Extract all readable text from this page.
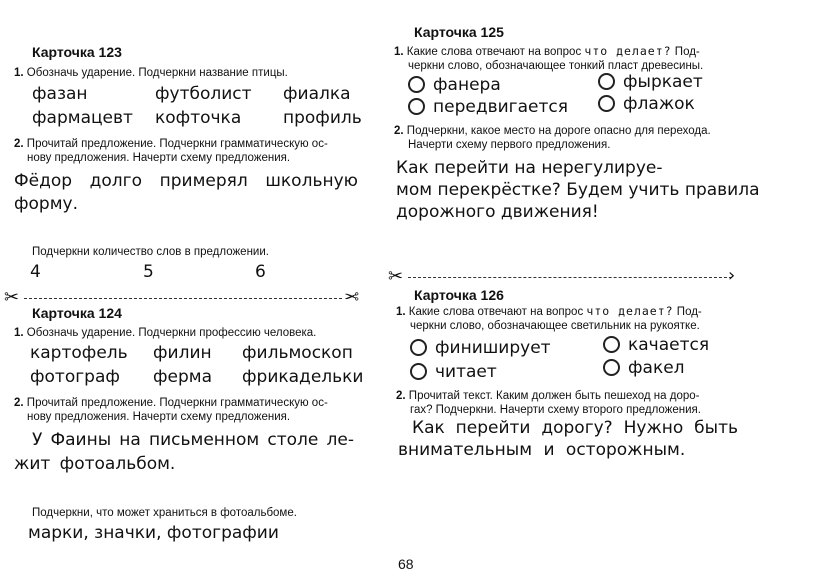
Карточка 123
1. Обозначь ударение. Подчеркни название птицы.
фазан	футболист фиалка
фармацевт кофточка профиль
2. Прочитай предложение. Подчеркни грамматическую ос-
нову предложения. Начерти схему предложения.
Фёдор долго примерял школьную
форму.
Подчеркни количество слов в предложении.
4	5	6
✂	✂
Карточка 124
1. Обозначь ударение. Подчеркни профессию человека.
картофель филин фильмоскоп
фотограф ферма фрикадельки
2. Прочитай предложение. Подчеркни грамматическую ос-
нову предложения. Начерти схему предложения.
У Фаины на письменном столе ле-
жит фотоальбом.
Подчеркни, что может храниться в фотоальбоме.
марки, значки, фотографии
Карточка 125
1. Какие слова отвечают на вопрос что делает? Под-
черкни слово, обозначающее тонкий пласт древесины.
фанера	фыркает
передвигается	флажок
2. Подчеркни, какое место на дороге опасно для перехода.
Начерти схему первого предложения.
Как перейти на нерегулируе-
мом перекрёстке? Будем учить правила
дорожного движения!
✂	›
Карточка 126
1. Какие слова отвечают на вопрос что делает? Под-
черкни слово, обозначающее светильник на рукоятке.
финиширует	качается
читает	факел
2. Прочитай текст. Каким должен быть пешеход на доро-
гах? Подчеркни. Начерти схему второго предложения.
Как перейти дорогу? Нужно быть
внимательным и осторожным.
68
